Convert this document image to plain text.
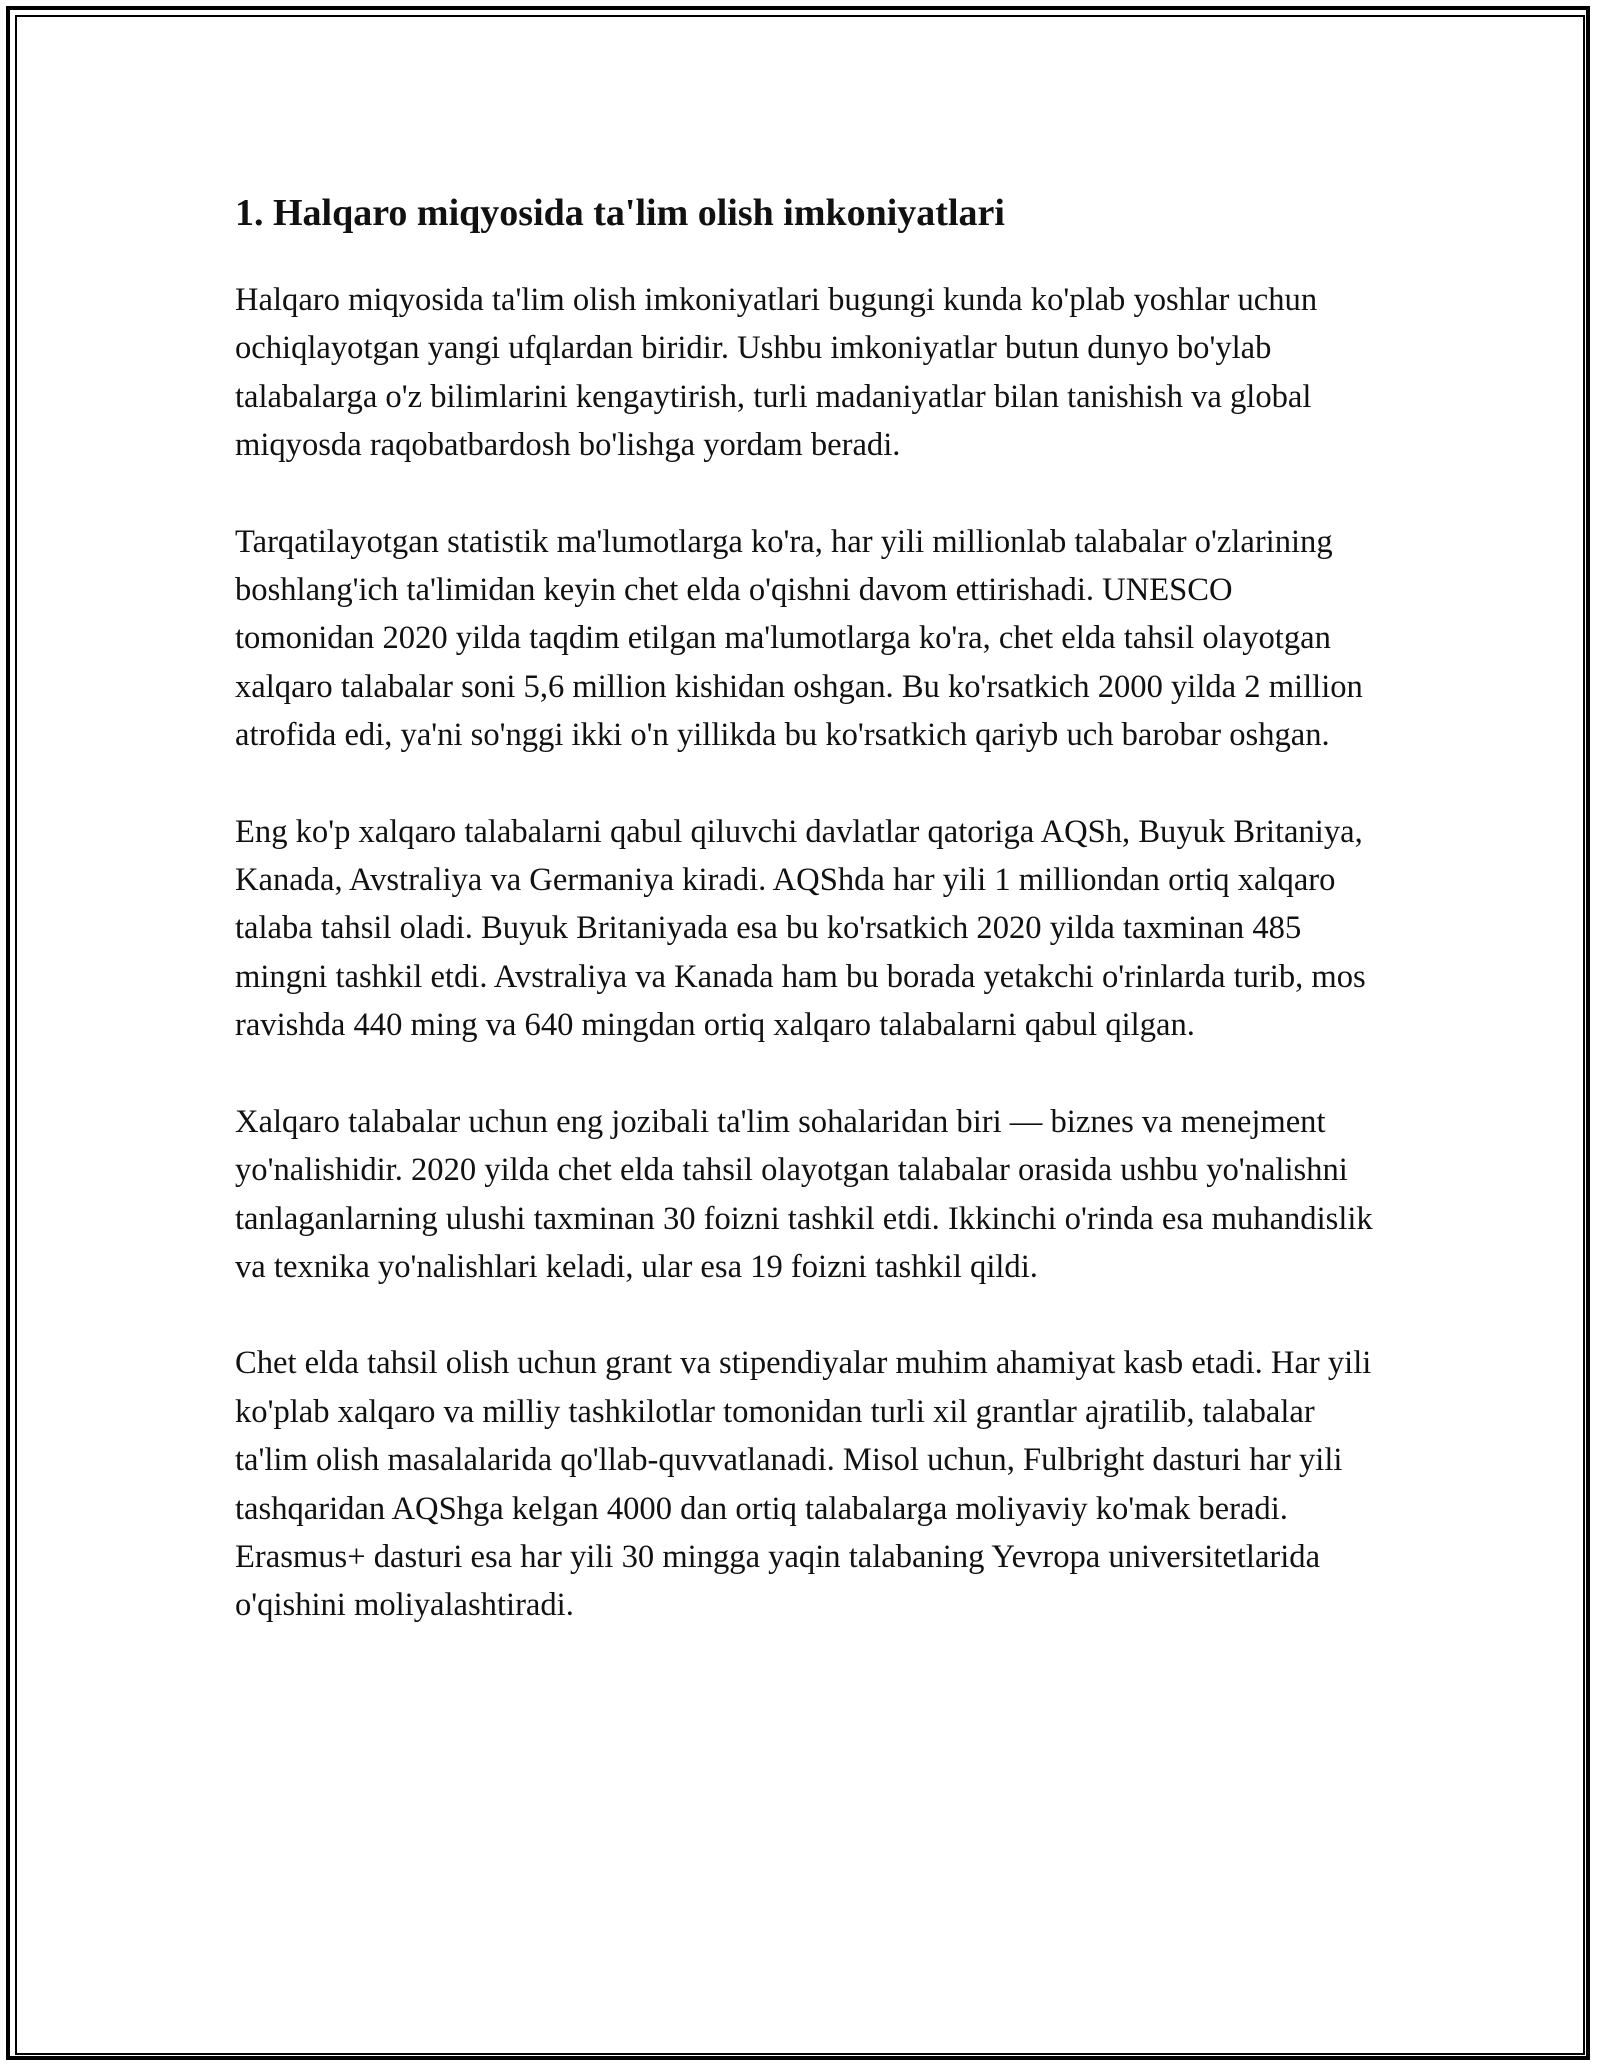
1. Halqaro miqyosida ta'lim olish imkoniyatlari

Halqaro miqyosida ta'lim olish imkoniyatlari bugungi kunda ko'plab yoshlar uchun ochiqlayotgan yangi ufqlardan biridir. Ushbu imkoniyatlar butun dunyo bo'ylab talabalarga o'z bilimlarini kengaytirish, turli madaniyatlar bilan tanishish va global miqyosda raqobatbardosh bo'lishga yordam beradi.

Tarqatilayotgan statistik ma'lumotlarga ko'ra, har yili millionlab talabalar o'zlarining boshlang'ich ta'limidan keyin chet elda o'qishni davom ettirishadi. UNESCO tomonidan 2020 yilda taqdim etilgan ma'lumotlarga ko'ra, chet elda tahsil olayotgan xalqaro talabalar soni 5,6 million kishidan oshgan. Bu ko'rsatkich 2000 yilda 2 million atrofida edi, ya'ni so'nggi ikki o'n yillikda bu ko'rsatkich qariyb uch barobar oshgan.

Eng ko'p xalqaro talabalarni qabul qiluvchi davlatlar qatoriga AQSh, Buyuk Britaniya, Kanada, Avstraliya va Germaniya kiradi. AQShda har yili 1 milliondan ortiq xalqaro talaba tahsil oladi. Buyuk Britaniyada esa bu ko'rsatkich 2020 yilda taxminan 485 mingni tashkil etdi. Avstraliya va Kanada ham bu borada yetakchi o'rinlarda turib, mos ravishda 440 ming va 640 mingdan ortiq xalqaro talabalarni qabul qilgan.

Xalqaro talabalar uchun eng jozibali ta'lim sohalaridan biri — biznes va menejment yo'nalishidir. 2020 yilda chet elda tahsil olayotgan talabalar orasida ushbu yo'nalishni tanlaganlarning ulushi taxminan 30 foizni tashkil etdi. Ikkinchi o'rinda esa muhandislik va texnika yo'nalishlari keladi, ular esa 19 foizni tashkil qildi.

Chet elda tahsil olish uchun grant va stipendiyalar muhim ahamiyat kasb etadi. Har yili ko'plab xalqaro va milliy tashkilotlar tomonidan turli xil grantlar ajratilib, talabalar ta'lim olish masalalarida qo'llab-quvvatlanadi. Misol uchun, Fulbright dasturi har yili tashqaridan AQShga kelgan 4000 dan ortiq talabalarga moliyaviy ko'mak beradi. Erasmus+ dasturi esa har yili 30 mingga yaqin talabaning Yevropa universitetlarida o'qishini moliyalashtiradi.
